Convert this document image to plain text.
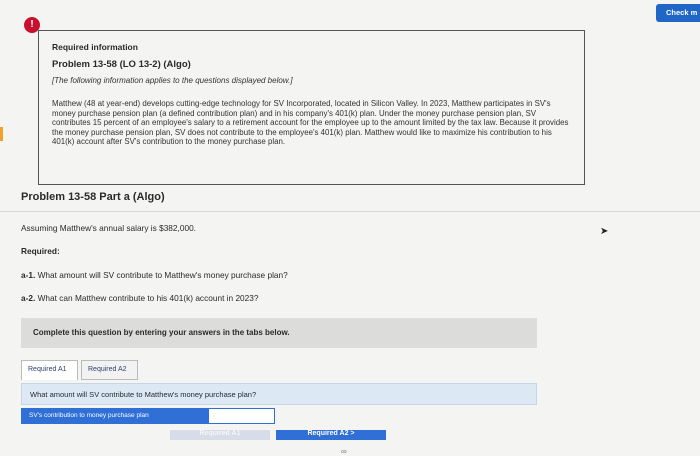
Check m
!
Required information
Problem 13-58 (LO 13-2) (Algo)
[The following information applies to the questions displayed below.]
Matthew (48 at year-end) develops cutting-edge technology for SV Incorporated, located in Silicon Valley. In 2023, Matthew participates in SV's money purchase pension plan (a defined contribution plan) and in his company's 401(k) plan. Under the money purchase pension plan, SV contributes 15 percent of an employee's salary to a retirement account for the employee up to the amount limited by the tax law. Because it provides the money purchase pension plan, SV does not contribute to the employee's 401(k) plan. Matthew would like to maximize his contribution to his 401(k) account after SV's contribution to the money purchase plan.
Problem 13-58 Part a (Algo)
Assuming Matthew's annual salary is $382,000.
Required:
a-1. What amount will SV contribute to Matthew's money purchase plan?
a-2. What can Matthew contribute to his 401(k) account in 2023?
➤
Complete this question by entering your answers in the tabs below.
Required A1	Required A2
What amount will SV contribute to Matthew's money purchase plan?
SV's contribution to money purchase plan
Required A1	Required A2 >
∞
